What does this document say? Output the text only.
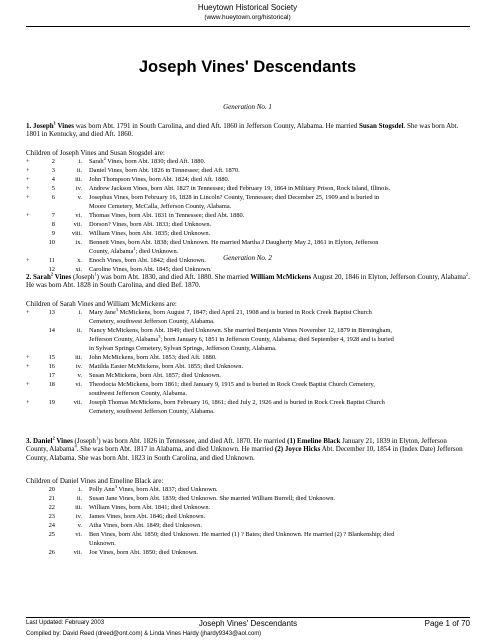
Hueytown Historical Society
(www.hueytown.org/historical)
Joseph Vines' Descendants
Generation No. 1
1. Joseph$^1$ Vines was born Abt. 1791 in South Carolina, and died Aft. 1860 in Jefferson County, Alabama. He married Susan Stogsdel. She was born Abt. 1801 in Kentucky, and died Aft. 1860.
Children of Joseph Vines and Susan Stogsdel are:
Generation No. 2
2. Sarah$^2$ Vines (Joseph$^1$) was born Abt. 1830, and died Aft. 1880. She married William McMickens August 20, 1846 in Elyton, Jefferson County, Alabama$^2$. He was born Abt. 1828 in South Carolina, and died Bef. 1870.
Children of Sarah Vines and William McMickens are:
3. Daniel$^2$ Vines (Joseph$^1$) was born Abt. 1826 in Tennessee, and died Aft. 1870. He married (1) Emeline Black January 21, 1839 in Elyton, Jefferson County, Alabama$^4$. She was born Abt. 1817 in Alabama, and died Unknown. He married (2) Joyce Hicks Abt. December 10, 1854 in (Index Date) Jefferson County, Alabama. She was born Abt. 1823 in South Carolina, and died Unknown.
Children of Daniel Vines and Emeline Black are:
Last Updated: February 2003	Joseph Vines' Descendants	Page 1 of 70
Compiled by: David Reed (dreed@ont.com) & Linda Vines Hardy (jhardy9343@aol.com)
+	2	i. Sarah$^2$ Vines, born Abt. 1830; died Aft. 1880.
+	3	ii. Daniel Vines, born Abt. 1826 in Tennessee; died Aft. 1870.
+	4	iii. John Thompson Vines, born Abt. 1824; died Aft. 1880.
+	5	iv. Andrew Jackson Vines, born Abt. 1827 in Tennessee; died February 19, 1864 in Military Prison, Rock Island, Illinois.
+	6	v. Josephus Vines, born February 16, 1828 in Lincoln? County, Tennessee; died December 25, 1909 and is buried in
Moore Cemetery, McCalla, Jefferson County, Alabama.
+	7	vi. Thomas Vines, born Abt. 1831 in Tennessee; died Abt. 1880.
8	vii. Dorson? Vines, born Abt. 1833; died Unknown.
9	viii. William Vines, born Abt. 1835; died Unknown.
10	ix. Bennett Vines, born Abt. 1838; died Unknown. He married Martha J Daugherty May 2, 1861 in Elyton, Jefferson
County, Alabama$^1$; died Unknown.
+	11	x. Enoch Vines, born Abt. 1842; died Unknown.
12	xi. Caroline Vines, born Abt. 1845; died Unknown.
+	13	i. Mary Jane$^3$ McMickens, born August 7, 1847; died April 21, 1908 and is buried in Rock Creek Baptist Church
Cemetery, southwest Jefferson County, Alabama.
14	ii. Nancy McMickens, born Abt. 1849; died Unknown. She married Benjamin Vines November 12, 1879 in Birmingham,
Jefferson County, Alabama$^3$; born January 6, 1851 in Jefferson County, Alabama; died September 4, 1928 and is buried
in Sylvan Springs Cemetery, Sylvan Springs, Jefferson County, Alabama.
+	15	iii. John McMickens, born Abt. 1853; died Aft. 1880.
+	16	iv. Matilda Easter McMickens, born Abt. 1855; died Unknown.
17	v. Susan McMickens, born Abt. 1857; died Unknown.
+	18	vi. Theodocia McMickens, born 1861; died January 9, 1915 and is buried in Rock Creek Baptist Church Cemetery,
southwest Jefferson County, Alabama.
+	19	vii. Joseph Thomas McMickens, born February 16, 1861; died July 2, 1926 and is buried in Rock Creek Baptist Church
Cemetery, southwest Jefferson County, Alabama.
20	i. Polly Ann$^3$ Vines, born Abt. 1837; died Unknown.
21	ii. Susan Jane Vines, born Abt. 1839; died Unknown. She married William Burrell; died Unknown.
22	iii. William Vines, born Abt. 1841; died Unknown.
23	iv. James Vines, born Abt. 1846; died Unknown.
24	v. Atha Vines, born Abt. 1849; died Unknown.
25	vi. Ben Vines, born Abt. 1850; died Unknown. He married (1) ? Bates; died Unknown. He married (2) ? Blankenship; died
Unknown.
26	vii. Joe Vines, born Abt. 1850; died Unknown.
